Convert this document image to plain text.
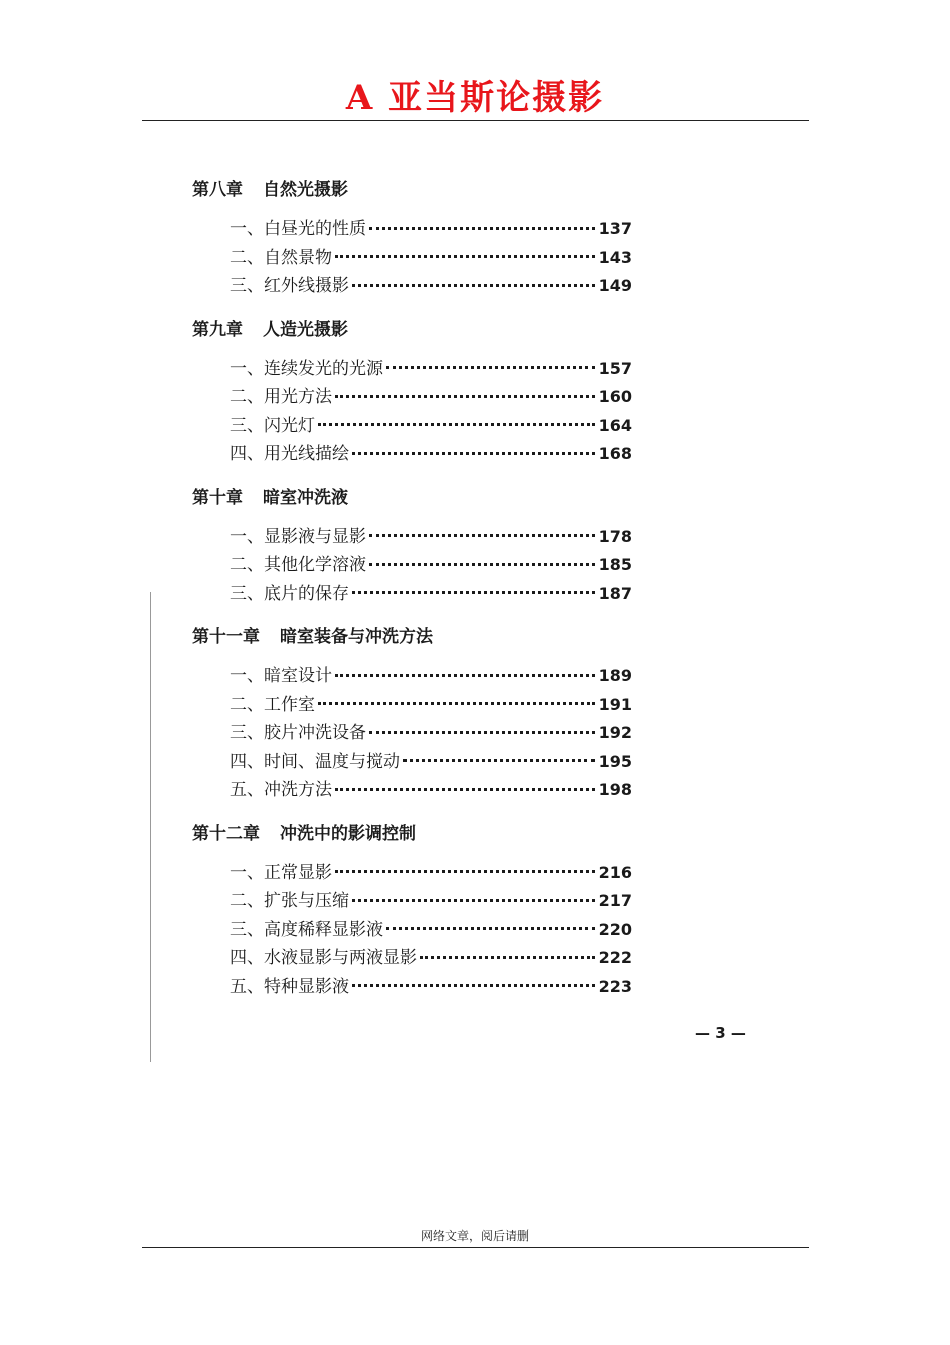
A 亚当斯论摄影
第八章 自然光摄影
一、白昼光的性质	137
二、自然景物	143
三、红外线摄影	149
第九章 人造光摄影
一、连续发光的光源	157
二、用光方法	160
三、闪光灯	164
四、用光线描绘	168
第十章 暗室冲洗液
一、显影液与显影	178
二、其他化学溶液	185
三、底片的保存	187
第十一章 暗室装备与冲洗方法
一、暗室设计	189
二、工作室	191
三、胶片冲洗设备	192
四、时间、温度与搅动	195
五、冲洗方法	198
第十二章 冲洗中的影调控制
一、正常显影	216
二、扩张与压缩	217
三、高度稀释显影液	220
四、水液显影与两液显影	222
五、特种显影液	223
— 3 —
网络文章，阅后请删
